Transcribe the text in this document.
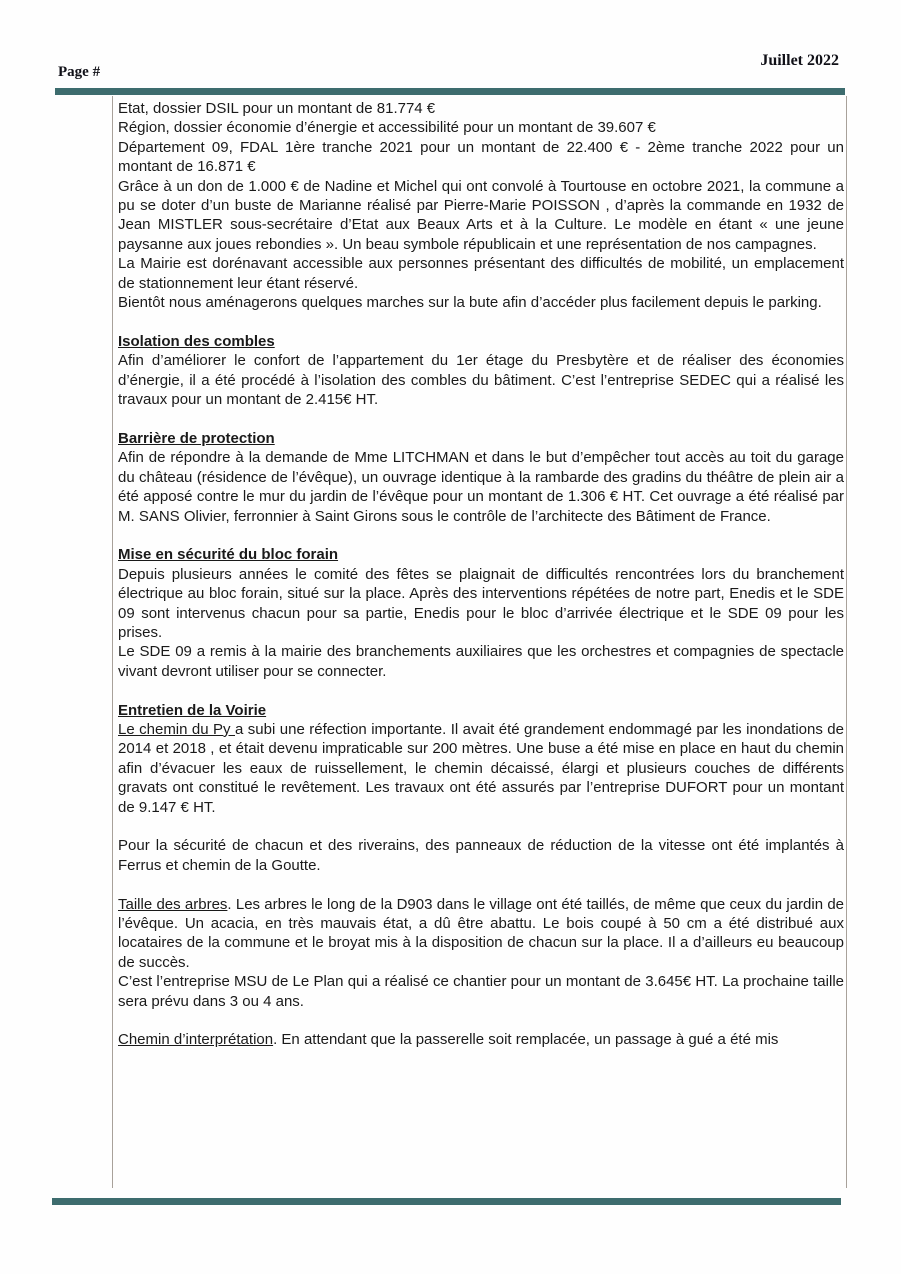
Page #
Juillet 2022

Etat, dossier DSIL pour un montant de 81.774 €

Région, dossier économie d’énergie et accessibilité pour un montant de 39.607 €

Département 09, FDAL 1ère tranche 2021 pour un montant de 22.400 € - 2ème tranche 2022 pour un montant de 16.871 €

Grâce à un don de 1.000 € de Nadine et Michel qui ont convolé à Tourtouse en octobre 2021, la commune a pu se doter d’un buste de Marianne réalisé par Pierre-Marie POISSON , d’après la commande en 1932 de Jean MISTLER sous-secrétaire d’Etat aux Beaux Arts et à la Culture. Le modèle en étant « une jeune paysanne aux joues rebondies ». Un beau symbole républicain et une représentation de nos campagnes.

La Mairie est dorénavant accessible aux personnes présentant des difficultés de mobilité, un emplacement de stationnement leur étant réservé.

Bientôt nous aménagerons quelques marches sur la bute afin d’accéder plus facilement depuis le parking.

Isolation des combles

Afin d’améliorer le confort de l’appartement du 1er étage du Presbytère et de réaliser des économies d’énergie, il a été procédé à l’isolation des combles du bâtiment. C’est l’entreprise SEDEC qui a réalisé les travaux pour un montant de 2.415€ HT.

Barrière de protection

Afin de répondre à la demande de Mme LITCHMAN et dans le but d’empêcher tout accès au toit du garage du château (résidence de l’évêque), un ouvrage identique à la rambarde des gradins du théâtre de plein air a été apposé contre le mur du jardin de l’évêque pour un montant de 1.306 € HT. Cet ouvrage a été réalisé par M. SANS Olivier, ferronnier à Saint Girons sous le contrôle de l’architecte des Bâtiment de France.

Mise en sécurité du bloc forain

Depuis plusieurs années le comité des fêtes se plaignait de difficultés rencontrées lors du branchement électrique au bloc forain, situé sur la place. Après des interventions répétées de notre part, Enedis et le SDE 09 sont intervenus chacun pour sa partie, Enedis pour le bloc d’arrivée électrique et le SDE 09 pour les prises.

Le SDE 09 a remis à la mairie des branchements auxiliaires que les orchestres et compagnies de spectacle vivant devront utiliser pour se connecter.

Entretien de la Voirie

Le chemin du Py a subi une réfection importante. Il avait été grandement endommagé par les inondations de 2014 et 2018 , et était devenu impraticable sur 200 mètres. Une buse a été mise en place en haut du chemin afin d’évacuer les eaux de ruissellement, le chemin décaissé, élargi et plusieurs couches de différents gravats ont constitué le revêtement. Les travaux ont été assurés par l’entreprise DUFORT pour un montant de 9.147 € HT.

Pour la sécurité de chacun et des riverains, des panneaux de réduction de la vitesse ont été implantés à Ferrus et chemin de la Goutte.

Taille des arbres. Les arbres le long de la D903 dans le village ont été taillés, de même que ceux du jardin de l’évêque. Un acacia, en très mauvais état, a dû être abattu. Le bois coupé à 50 cm a été distribué aux locataires de la commune et le broyat mis à la disposition de chacun sur la place. Il a d’ailleurs eu beaucoup de succès.

C’est l’entreprise MSU de Le Plan qui a réalisé ce chantier pour un montant de 3.645€ HT. La prochaine taille sera prévu dans 3 ou 4 ans.

Chemin d’interprétation. En attendant que la passerelle soit remplacée, un passage à gué a été mis
